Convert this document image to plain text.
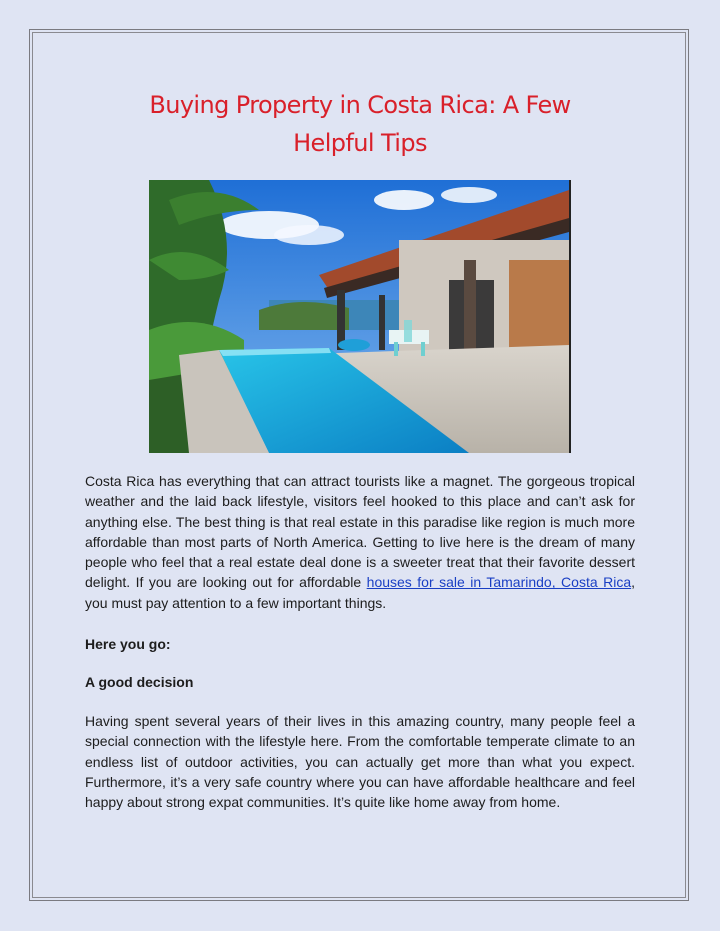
Buying Property in Costa Rica: A Few
Helpful Tips

Costa Rica has everything that can attract tourists like a magnet. The gorgeous tropical weather and the laid back lifestyle, visitors feel hooked to this place and can’t ask for anything else. The best thing is that real estate in this paradise like region is much more affordable than most parts of North America. Getting to live here is the dream of many people who feel that a real estate deal done is a sweeter treat that their favorite dessert delight. If you are looking out for affordable houses for sale in Tamarindo, Costa Rica, you must pay attention to a few important things.

Here you go:

A good decision

Having spent several years of their lives in this amazing country, many people feel a special connection with the lifestyle here. From the comfortable temperate climate to an endless list of outdoor activities, you can actually get more than what you expect. Furthermore, it’s a very safe country where you can have affordable healthcare and feel happy about strong expat communities. It’s quite like home away from home.
